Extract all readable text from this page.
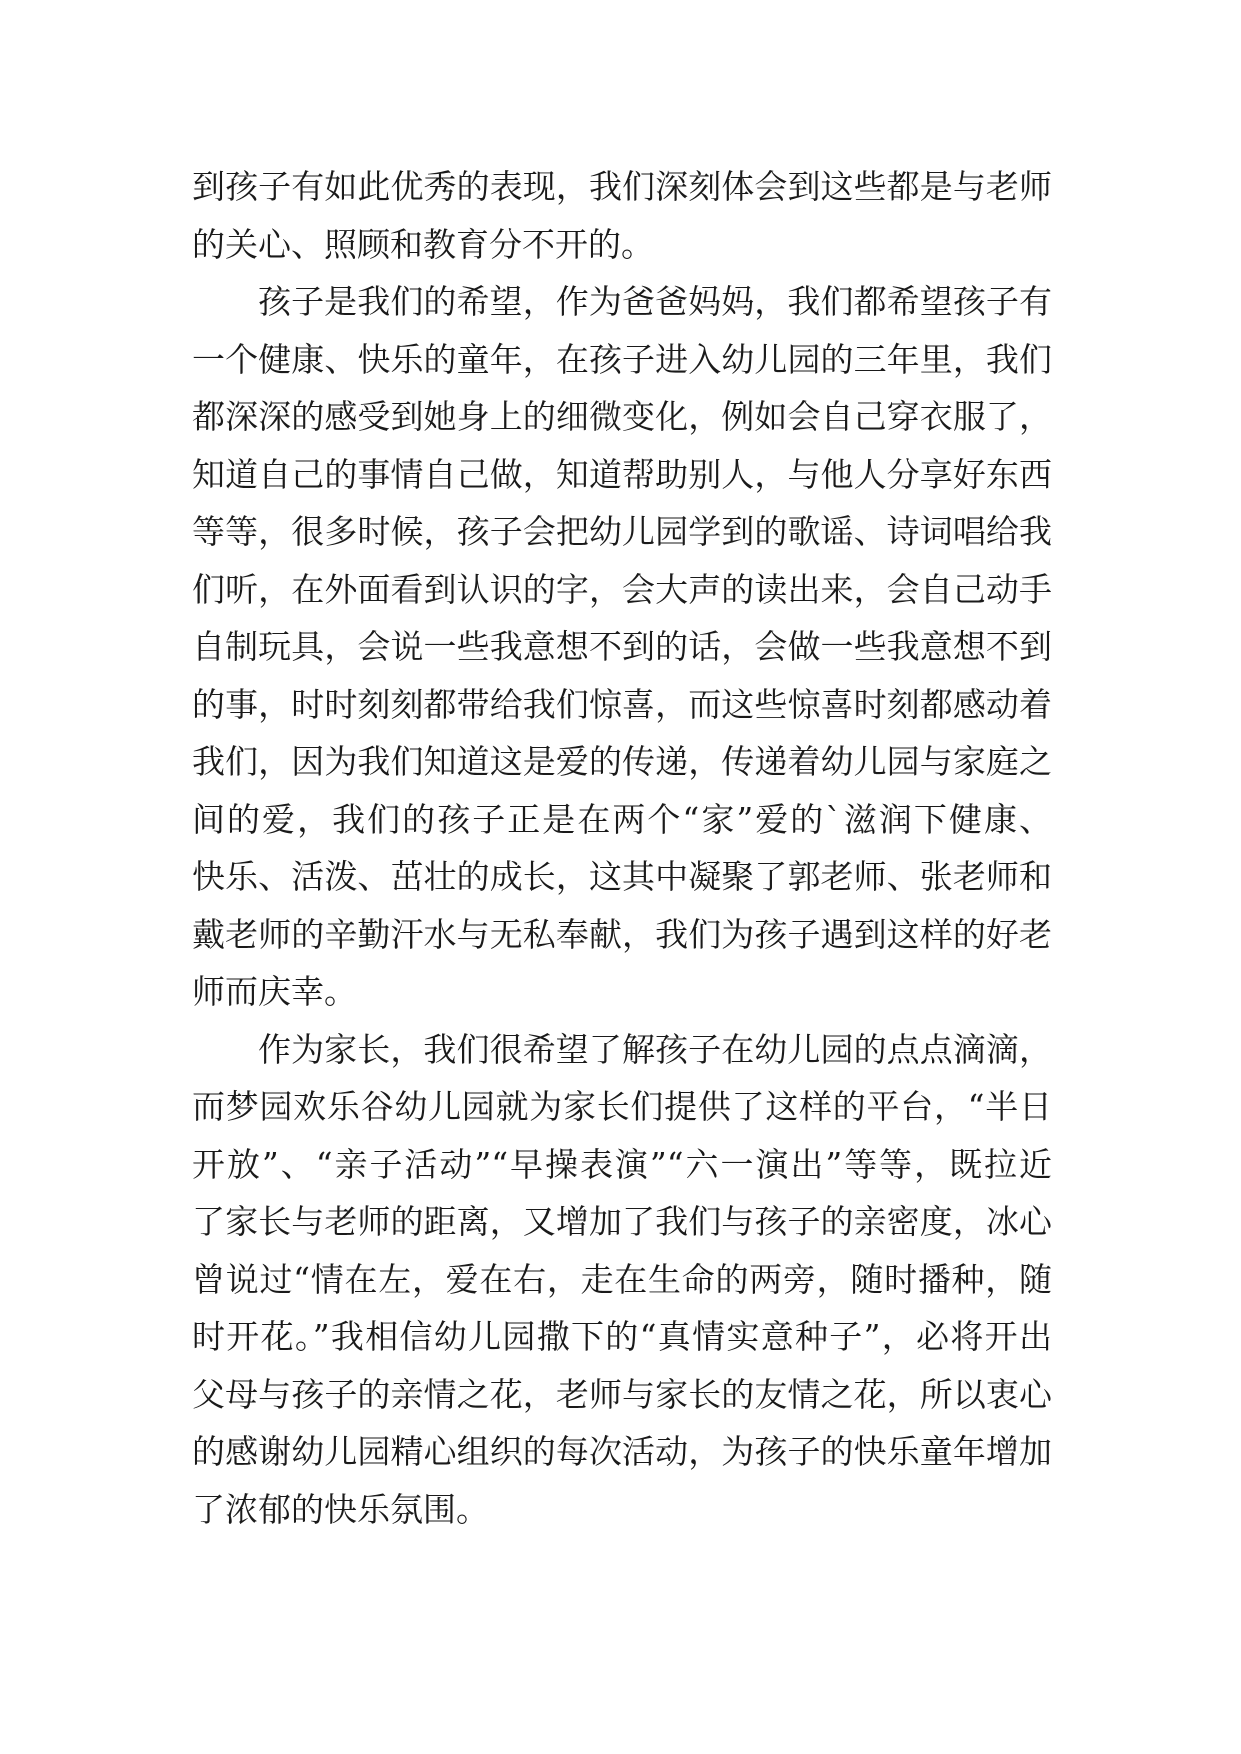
到孩子有如此优秀的表现，我们深刻体会到这些都是与老师
的关心、照顾和教育分不开的。
孩子是我们的希望，作为爸爸妈妈，我们都希望孩子有
一个健康、快乐的童年，在孩子进入幼儿园的三年里，我们
都深深的感受到她身上的细微变化，例如会自己穿衣服了，
知道自己的事情自己做，知道帮助别人，与他人分享好东西
等等，很多时候，孩子会把幼儿园学到的歌谣、诗词唱给我
们听，在外面看到认识的字，会大声的读出来，会自己动手
自制玩具，会说一些我意想不到的话，会做一些我意想不到
的事，时时刻刻都带给我们惊喜，而这些惊喜时刻都感动着
我们，因为我们知道这是爱的传递，传递着幼儿园与家庭之
间的爱，我们的孩子正是在两个“家”爱的`滋润下健康、
快乐、活泼、茁壮的成长，这其中凝聚了郭老师、张老师和
戴老师的辛勤汗水与无私奉献，我们为孩子遇到这样的好老
师而庆幸。
作为家长，我们很希望了解孩子在幼儿园的点点滴滴，
而梦园欢乐谷幼儿园就为家长们提供了这样的平台，“半日
开放”、“亲子活动”“早操表演”“六一演出”等等，既拉近
了家长与老师的距离，又增加了我们与孩子的亲密度，冰心
曾说过“情在左，爱在右，走在生命的两旁，随时播种，随
时开花。”我相信幼儿园撒下的“真情实意种子”，必将开出
父母与孩子的亲情之花，老师与家长的友情之花，所以衷心
的感谢幼儿园精心组织的每次活动，为孩子的快乐童年增加
了浓郁的快乐氛围。
